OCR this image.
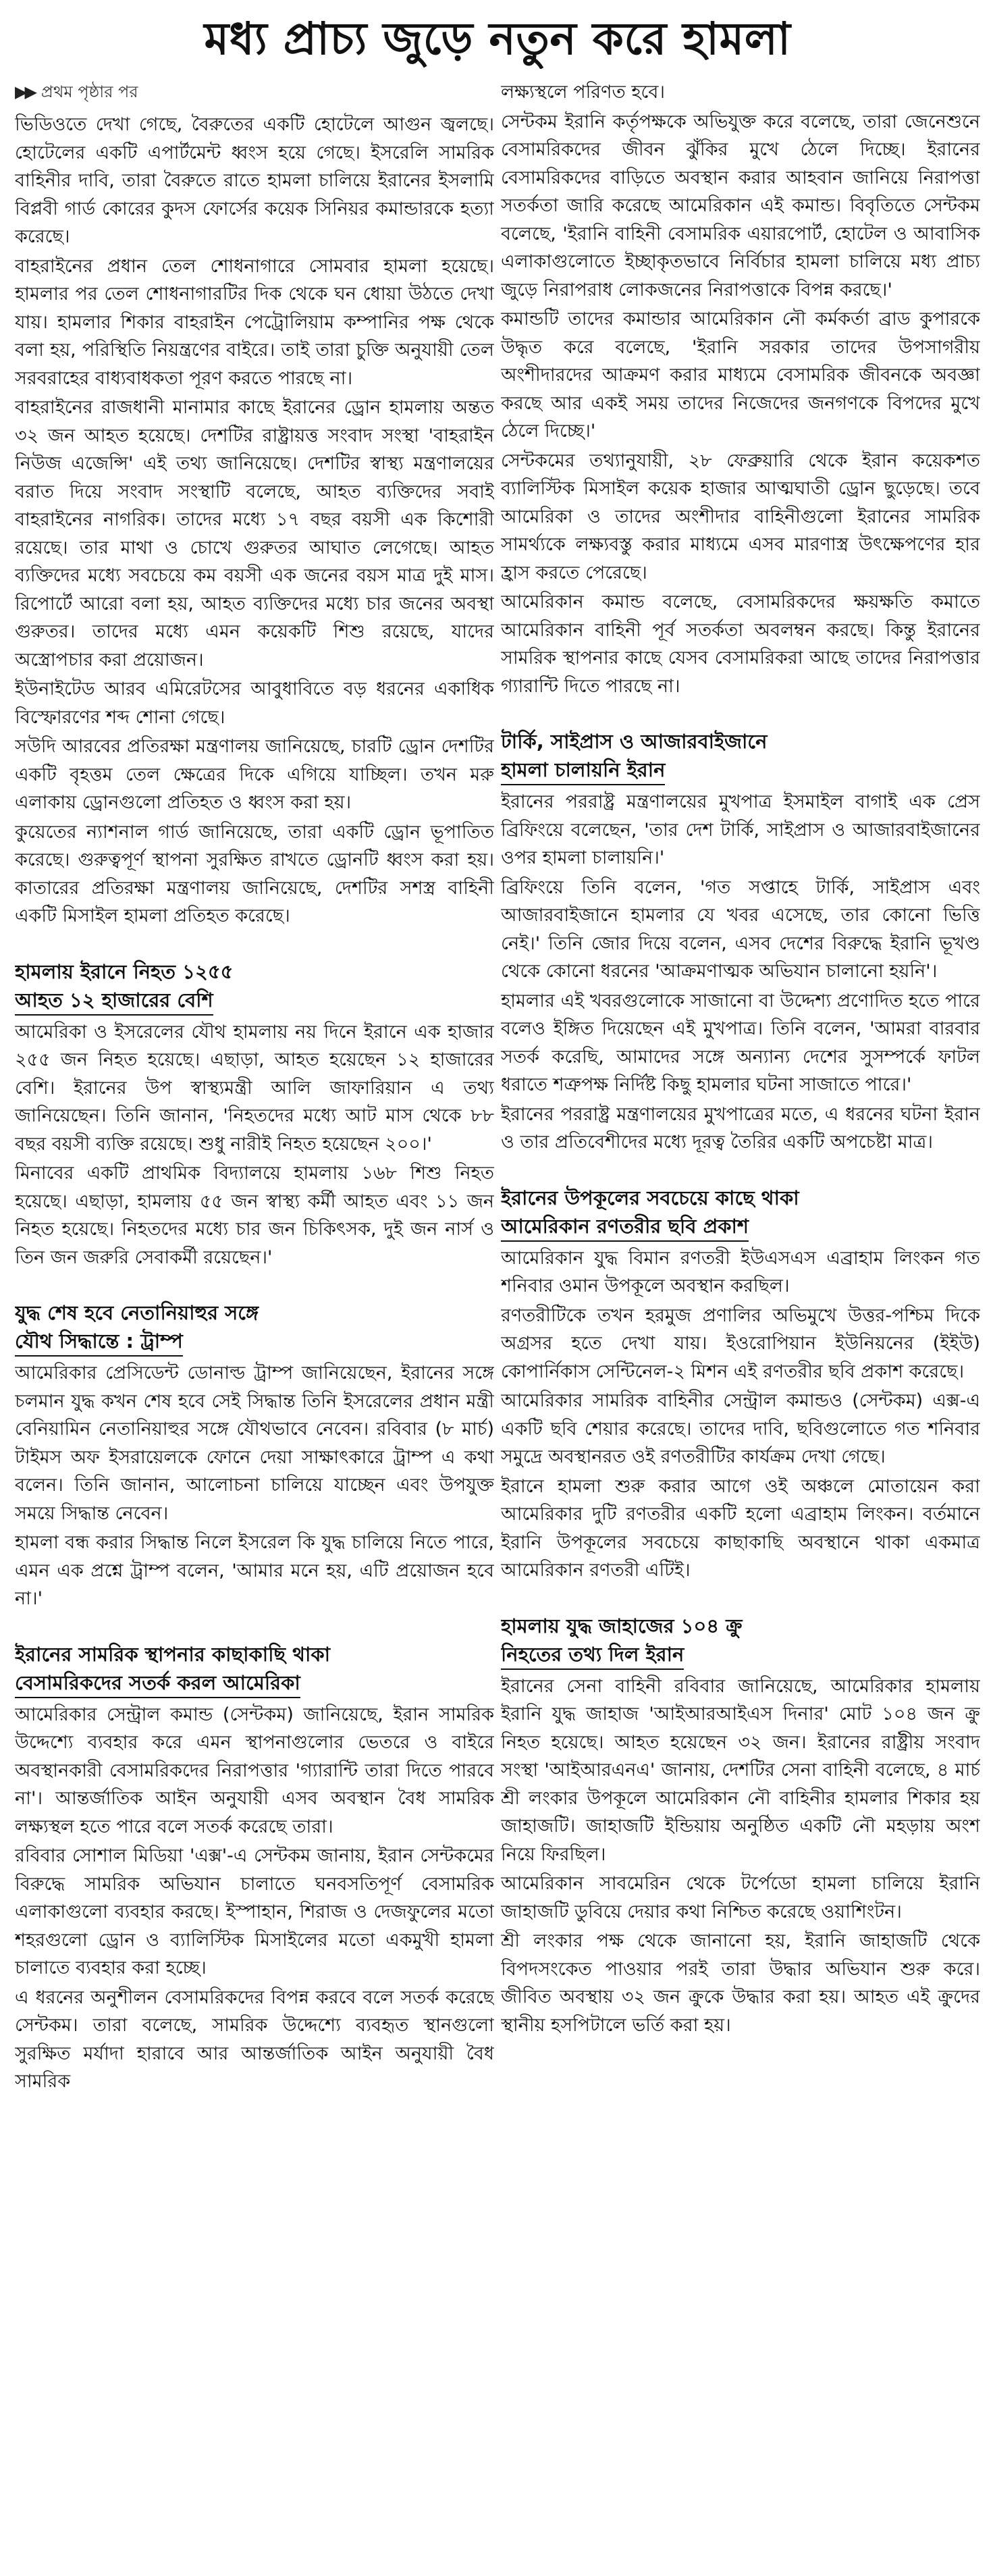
মধ্য প্রাচ্য জুড়ে নতুন করে হামলা
▶▶ প্রথম পৃষ্ঠার পর

ভিডিওতে দেখা গেছে, বৈরুতের একটি হোটেলে আগুন জ্বলছে। হোটেলের একটি এপার্টমেন্ট ধ্বংস হয়ে গেছে। ইসরেলি সামরিক বাহিনীর দাবি, তারা বৈরুতে রাতে হামলা চালিয়ে ইরানের ইসলামি বিপ্লবী গার্ড কোরের কুদস ফোর্সের কয়েক সিনিয়র কমান্ডারকে হত্যা করেছে।

বাহরাইনের প্রধান তেল শোধনাগারে সোমবার হামলা হয়েছে। হামলার পর তেল শোধনাগারটির দিক থেকে ঘন ধোয়া উঠতে দেখা যায়। হামলার শিকার বাহরাইন পেট্রোলিয়াম কম্পানির পক্ষ থেকে বলা হয়, পরিস্থিতি নিয়ন্ত্রণের বাইরে। তাই তারা চুক্তি অনুযায়ী তেল সরবরাহের বাধ্যবাধকতা পূরণ করতে পারছে না।

বাহরাইনের রাজধানী মানামার কাছে ইরানের ড্রোন হামলায় অন্তত ৩২ জন আহত হয়েছে। দেশটির রাষ্ট্রায়ত্ত সংবাদ সংস্থা 'বাহরাইন নিউজ এজেন্সি' এই তথ্য জানিয়েছে। দেশটির স্বাস্থ্য মন্ত্রণালয়ের বরাত দিয়ে সংবাদ সংস্থাটি বলেছে, আহত ব্যক্তিদের সবাই বাহরাইনের নাগরিক। তাদের মধ্যে ১৭ বছর বয়সী এক কিশোরী রয়েছে। তার মাথা ও চোখে গুরুতর আঘাত লেগেছে। আহত ব্যক্তিদের মধ্যে সবচেয়ে কম বয়সী এক জনের বয়স মাত্র দুই মাস। রিপোর্টে আরো বলা হয়, আহত ব্যক্তিদের মধ্যে চার জনের অবস্থা গুরুতর। তাদের মধ্যে এমন কয়েকটি শিশু রয়েছে, যাদের অস্ত্রোপচার করা প্রয়োজন।

ইউনাইটেড আরব এমিরেটসের আবুধাবিতে বড় ধরনের একাধিক বিস্ফোরণের শব্দ শোনা গেছে।

সউদি আরবের প্রতিরক্ষা মন্ত্রণালয় জানিয়েছে, চারটি ড্রোন দেশটির একটি বৃহত্তম তেল ক্ষেত্রের দিকে এগিয়ে যাচ্ছিল। তখন মরু এলাকায় ড্রোনগুলো প্রতিহত ও ধ্বংস করা হয়।

কুয়েতের ন্যাশনাল গার্ড জানিয়েছে, তারা একটি ড্রোন ভূপাতিত করেছে। গুরুত্বপূর্ণ স্থাপনা সুরক্ষিত রাখতে ড্রোনটি ধ্বংস করা হয়। কাতারের প্রতিরক্ষা মন্ত্রণালয় জানিয়েছে, দেশটির সশস্ত্র বাহিনী একটি মিসাইল হামলা প্রতিহত করেছে।

হামলায় ইরানে নিহত ১২৫৫

আহত ১২ হাজারের বেশি

আমেরিকা ও ইসরেলের যৌথ হামলায় নয় দিনে ইরানে এক হাজার ২৫৫ জন নিহত হয়েছে। এছাড়া, আহত হয়েছেন ১২ হাজারের বেশি। ইরানের উপ স্বাস্থ্যমন্ত্রী আলি জাফারিয়ান এ তথ্য জানিয়েছেন। তিনি জানান, 'নিহতদের মধ্যে আট মাস থেকে ৮৮ বছর বয়সী ব্যক্তি রয়েছে। শুধু নারীই নিহত হয়েছেন ২০০।'

মিনাবের একটি প্রাথমিক বিদ্যালয়ে হামলায় ১৬৮ শিশু নিহত হয়েছে। এছাড়া, হামলায় ৫৫ জন স্বাস্থ্য কর্মী আহত এবং ১১ জন নিহত হয়েছে। নিহতদের মধ্যে চার জন চিকিৎসক, দুই জন নার্স ও তিন জন জরুরি সেবাকর্মী রয়েছেন।'

যুদ্ধ শেষ হবে নেতানিয়াহুর সঙ্গে

যৌথ সিদ্ধান্তে : ট্রাম্প

আমেরিকার প্রেসিডেন্ট ডোনাল্ড ট্রাম্প জানিয়েছেন, ইরানের সঙ্গে চলমান যুদ্ধ কখন শেষ হবে সেই সিদ্ধান্ত তিনি ইসরেলের প্রধান মন্ত্রী বেনিয়ামিন নেতানিয়াহুর সঙ্গে যৌথভাবে নেবেন। রবিবার (৮ মার্চ) টাইমস অফ ইসরায়েলকে ফোনে দেয়া সাক্ষাৎকারে ট্রাম্প এ কথা বলেন। তিনি জানান, আলোচনা চালিয়ে যাচ্ছেন এবং উপযুক্ত সময়ে সিদ্ধান্ত নেবেন।

হামলা বন্ধ করার সিদ্ধান্ত নিলে ইসরেল কি যুদ্ধ চালিয়ে নিতে পারে, এমন এক প্রশ্নে ট্রাম্প বলেন, 'আমার মনে হয়, এটি প্রয়োজন হবে না।'

ইরানের সামরিক স্থাপনার কাছাকাছি থাকা

বেসামরিকদের সতর্ক করল আমেরিকা

আমেরিকার সেন্ট্রাল কমান্ড (সেন্টকম) জানিয়েছে, ইরান সামরিক উদ্দেশ্যে ব্যবহার করে এমন স্থাপনাগুলোর ভেতরে ও বাইরে অবস্থানকারী বেসামরিকদের নিরাপত্তার 'গ্যারান্টি তারা দিতে পারবে না'। আন্তর্জাতিক আইন অনুযায়ী এসব অবস্থান বৈধ সামরিক লক্ষ্যস্থল হতে পারে বলে সতর্ক করেছে তারা।

রবিবার সোশাল মিডিয়া 'এক্স'-এ সেন্টকম জানায়, ইরান সেন্টকমের বিরুদ্ধে সামরিক অভিযান চালাতে ঘনবসতিপূর্ণ বেসামরিক এলাকাগুলো ব্যবহার করছে। ইস্পাহান, শিরাজ ও দেজফুলের মতো শহরগুলো ড্রোন ও ব্যালিস্টিক মিসাইলের মতো একমুখী হামলা চালাতে ব্যবহার করা হচ্ছে।

এ ধরনের অনুশীলন বেসামরিকদের বিপন্ন করবে বলে সতর্ক করেছে সেন্টকম। তারা বলেছে, সামরিক উদ্দেশ্যে ব্যবহৃত স্থানগুলো সুরক্ষিত মর্যাদা হারাবে আর আন্তর্জাতিক আইন অনুযায়ী বৈধ সামরিক

লক্ষ্যস্থলে পরিণত হবে।

সেন্টকম ইরানি কর্তৃপক্ষকে অভিযুক্ত করে বলেছে, তারা জেনেশুনে বেসামরিকদের জীবন ঝুঁকির মুখে ঠেলে দিচ্ছে। ইরানের বেসামরিকদের বাড়িতে অবস্থান করার আহবান জানিয়ে নিরাপত্তা সতর্কতা জারি করেছে আমেরিকান এই কমান্ড। বিবৃতিতে সেন্টকম বলেছে, 'ইরানি বাহিনী বেসামরিক এয়ারপোর্ট, হোটেল ও আবাসিক এলাকাগুলোতে ইচ্ছাকৃতভাবে নির্বিচার হামলা চালিয়ে মধ্য প্রাচ্য জুড়ে নিরাপরাধ লোকজনের নিরাপত্তাকে বিপন্ন করছে।'

কমান্ডটি তাদের কমান্ডার আমেরিকান নৌ কর্মকর্তা ব্রাড কুপারকে উদ্ধৃত করে বলেছে, 'ইরানি সরকার তাদের উপসাগরীয় অংশীদারদের আক্রমণ করার মাধ্যমে বেসামরিক জীবনকে অবজ্ঞা করছে আর একই সময় তাদের নিজেদের জনগণকে বিপদের মুখে ঠেলে দিচ্ছে।'

সেন্টকমের তথ্যানুযায়ী, ২৮ ফেব্রুয়ারি থেকে ইরান কয়েকশত ব্যালিস্টিক মিসাইল কয়েক হাজার আত্মঘাতী ড্রোন ছুড়েছে। তবে আমেরিকা ও তাদের অংশীদার বাহিনীগুলো ইরানের সামরিক সামর্থ্যকে লক্ষ্যবস্তু করার মাধ্যমে এসব মারণাস্ত্র উৎক্ষেপণের হার হ্রাস করতে পেরেছে।

আমেরিকান কমান্ড বলেছে, বেসামরিকদের ক্ষয়ক্ষতি কমাতে আমেরিকান বাহিনী পূর্ব সতর্কতা অবলম্বন করছে। কিন্তু ইরানের সামরিক স্থাপনার কাছে যেসব বেসামরিকরা আছে তাদের নিরাপত্তার গ্যারান্টি দিতে পারছে না।

টার্কি, সাইপ্রাস ও আজারবাইজানে

হামলা চালায়নি ইরান

ইরানের পররাষ্ট্র মন্ত্রণালয়ের মুখপাত্র ইসমাইল বাগাই এক প্রেস ব্রিফিংয়ে বলেছেন, 'তার দেশ টার্কি, সাইপ্রাস ও আজারবাইজানের ওপর হামলা চালায়নি।'

ব্রিফিংয়ে তিনি বলেন, 'গত সপ্তাহে টার্কি, সাইপ্রাস এবং আজারবাইজানে হামলার যে খবর এসেছে, তার কোনো ভিত্তি নেই।' তিনি জোর দিয়ে বলেন, এসব দেশের বিরুদ্ধে ইরানি ভূখণ্ড থেকে কোনো ধরনের 'আক্রমণাত্মক অভিযান চালানো হয়নি'।

হামলার এই খবরগুলোকে সাজানো বা উদ্দেশ্য প্রণোদিত হতে পারে বলেও ইঙ্গিত দিয়েছেন এই মুখপাত্র। তিনি বলেন, 'আমরা বারবার সতর্ক করেছি, আমাদের সঙ্গে অন্যান্য দেশের সুসম্পর্কে ফাটল ধরাতে শত্রুপক্ষ নির্দিষ্ট কিছু হামলার ঘটনা সাজাতে পারে।'

ইরানের পররাষ্ট্র মন্ত্রণালয়ের মুখপাত্রের মতে, এ ধরনের ঘটনা ইরান ও তার প্রতিবেশীদের মধ্যে দূরত্ব তৈরির একটি অপচেষ্টা মাত্র।

ইরানের উপকূলের সবচেয়ে কাছে থাকা

আমেরিকান রণতরীর ছবি প্রকাশ

আমেরিকান যুদ্ধ বিমান রণতরী ইউএসএস এব্রাহাম লিংকন গত শনিবার ওমান উপকূলে অবস্থান করছিল।

রণতরীটিকে তখন হরমুজ প্রণালির অভিমুখে উত্তর-পশ্চিম দিকে অগ্রসর হতে দেখা যায়। ইওরোপিয়ান ইউনিয়নের (ইইউ) কোপার্নিকাস সেন্টিনেল-২ মিশন এই রণতরীর ছবি প্রকাশ করেছে।

আমেরিকার সামরিক বাহিনীর সেন্ট্রাল কমান্ডও (সেন্টকম) এক্স-এ একটি ছবি শেয়ার করেছে। তাদের দাবি, ছবিগুলোতে গত শনিবার সমুদ্রে অবস্থানরত ওই রণতরীটির কার্যক্রম দেখা গেছে।

ইরানে হামলা শুরু করার আগে ওই অঞ্চলে মোতায়েন করা আমেরিকার দুটি রণতরীর একটি হলো এব্রাহাম লিংকন। বর্তমানে ইরানি উপকূলের সবচেয়ে কাছাকাছি অবস্থানে থাকা একমাত্র আমেরিকান রণতরী এটিই।

হামলায় যুদ্ধ জাহাজের ১০৪ ক্রু

নিহতের তথ্য দিল ইরান

ইরানের সেনা বাহিনী রবিবার জানিয়েছে, আমেরিকার হামলায় ইরানি যুদ্ধ জাহাজ 'আইআরআইএস দিনার' মোট ১০৪ জন ক্রু নিহত হয়েছে। আহত হয়েছেন ৩২ জন। ইরানের রাষ্ট্রীয় সংবাদ সংস্থা 'আইআরএনএ' জানায়, দেশটির সেনা বাহিনী বলেছে, ৪ মার্চ শ্রী লংকার উপকূলে আমেরিকান নৌ বাহিনীর হামলার শিকার হয় জাহাজটি। জাহাজটি ইন্ডিয়ায় অনুষ্ঠিত একটি নৌ মহড়ায় অংশ নিয়ে ফিরছিল।

আমেরিকান সাবমেরিন থেকে টর্পেডো হামলা চালিয়ে ইরানি জাহাজটি ডুবিয়ে দেয়ার কথা নিশ্চিত করেছে ওয়াশিংটন।

শ্রী লংকার পক্ষ থেকে জানানো হয়, ইরানি জাহাজটি থেকে বিপদসংকেত পাওয়ার পরই তারা উদ্ধার অভিযান শুরু করে। জীবিত অবস্থায় ৩২ জন ক্রুকে উদ্ধার করা হয়। আহত এই ক্রুদের স্থানীয় হসপিটালে ভর্তি করা হয়।
